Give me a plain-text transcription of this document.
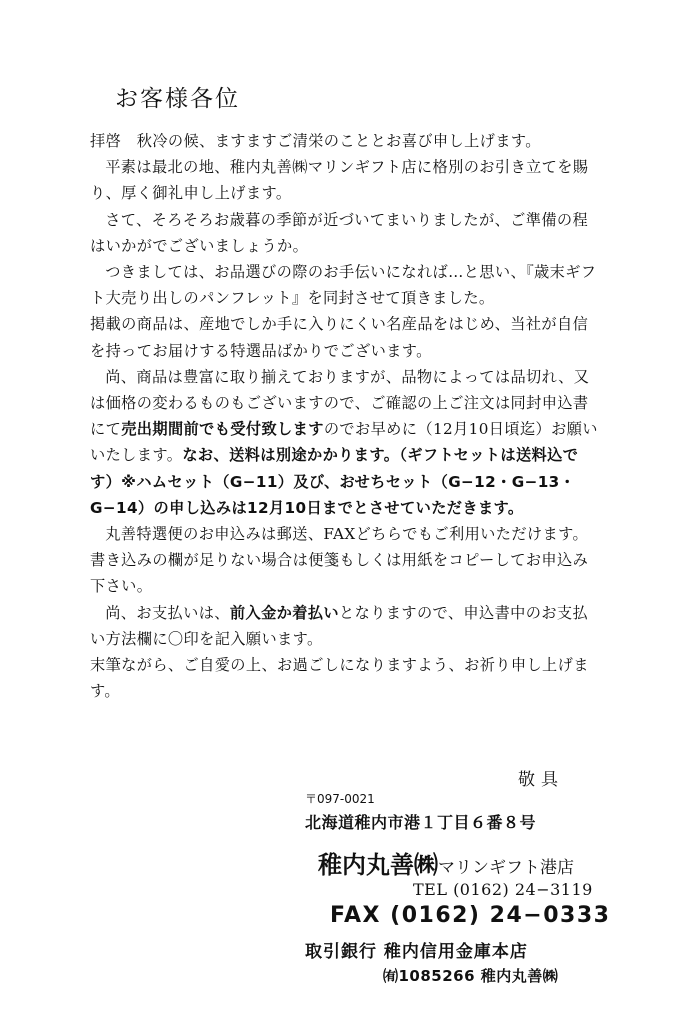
お客様各位

拝啓　秋冷の候、ますますご清栄のこととお喜び申し上げます。

平素は最北の地、稚内丸善㈱マリンギフト店に格別のお引き立てを賜り、厚く御礼申し上げます。

さて、そろそろお歳暮の季節が近づいてまいりましたが、ご準備の程はいかがでございましょうか。

つきましては、お品選びの際のお手伝いになれば…と思い、『歳末ギフト大売り出しのパンフレット』を同封させて頂きました。

掲載の商品は、産地でしか手に入りにくい名産品をはじめ、当社が自信を持ってお届けする特選品ばかりでございます。

尚、商品は豊富に取り揃えておりますが、品物によっては品切れ、又は価格の変わるものもございますので、ご確認の上ご注文は同封申込書にて売出期間前でも受付致しますのでお早めに（12月10日頃迄）お願いいたします。なお、送料は別途かかります。（ギフトセットは送料込です）※ハムセット（G−11）及び、おせちセット（G−12・G−13・G−14）の申し込みは12月10日までとさせていただきます。

丸善特選便のお申込みは郵送、FAXどちらでもご利用いただけます。書き込みの欄が足りない場合は便箋もしくは用紙をコピーしてお申込み下さい。

尚、お支払いは、前入金か着払いとなりますので、申込書中のお支払い方法欄に〇印を記入願います。

末筆ながら、ご自愛の上、お過ごしになりますよう、お祈り申し上げます。

敬具
〒097-0021
北海道稚内市港１丁目６番８号
稚内丸善㈱マリンギフト港店
TEL (0162) 24−3119
FAX (0162) 24−0333
取引銀行 稚内信用金庫本店
㈲1085266 稚内丸善㈱
